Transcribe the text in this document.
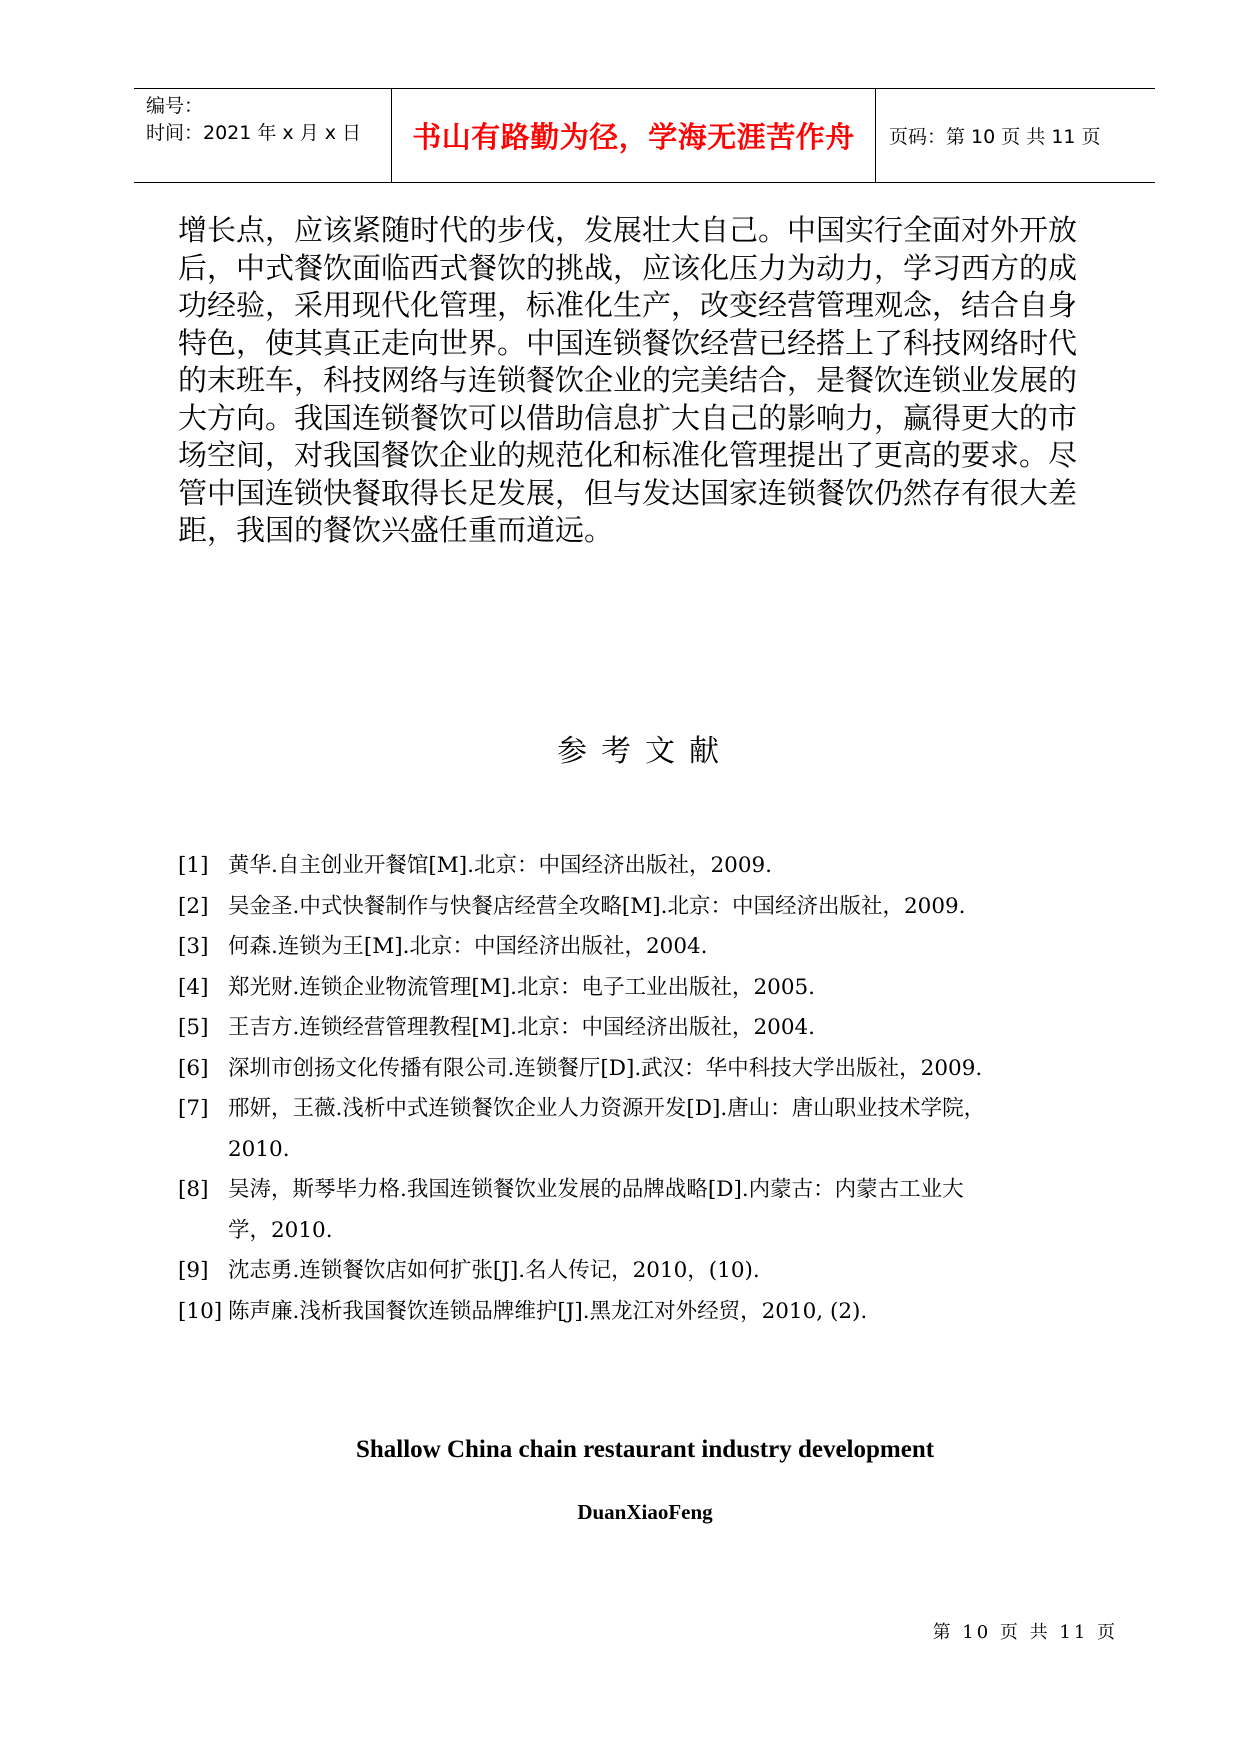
编号：
时间：2021 年 x 月 x 日	书山有路勤为径，学海无涯苦作舟	页码：第 10 页 共 11 页
增长点，应该紧随时代的步伐，发展壮大自己。中国实行全面对外开放
后，中式餐饮面临西式餐饮的挑战，应该化压力为动力，学习西方的成
功经验，采用现代化管理，标准化生产，改变经营管理观念，结合自身
特色，使其真正走向世界。中国连锁餐饮经营已经搭上了科技网络时代
的末班车，科技网络与连锁餐饮企业的完美结合，是餐饮连锁业发展的
大方向。我国连锁餐饮可以借助信息扩大自己的影响力，赢得更大的市
场空间，对我国餐饮企业的规范化和标准化管理提出了更高的要求。尽
管中国连锁快餐取得长足发展，但与发达国家连锁餐饮仍然存有很大差
距，我国的餐饮兴盛任重而道远。
参考文献
[1] 黄华.自主创业开餐馆[M].北京：中国经济出版社，2009.
[2] 吴金圣.中式快餐制作与快餐店经营全攻略[M].北京：中国经济出版社，2009.
[3] 何森.连锁为王[M].北京：中国经济出版社，2004.
[4] 郑光财.连锁企业物流管理[M].北京：电子工业出版社，2005.
[5] 王吉方.连锁经营管理教程[M].北京：中国经济出版社，2004.
[6] 深圳市创扬文化传播有限公司.连锁餐厅[D].武汉：华中科技大学出版社，2009.
[7] 邢妍，王薇.浅析中式连锁餐饮企业人力资源开发[D].唐山：唐山职业技术学院，
2010.
[8] 吴涛，斯琴毕力格.我国连锁餐饮业发展的品牌战略[D].内蒙古：内蒙古工业大
学，2010.
[9] 沈志勇.连锁餐饮店如何扩张[J].名人传记，2010，(10).
[10] 陈声廉.浅析我国餐饮连锁品牌维护[J].黑龙江对外经贸，2010, (2).
Shallow China chain restaurant industry development
DuanXiaoFeng
第 10 页 共 11 页
